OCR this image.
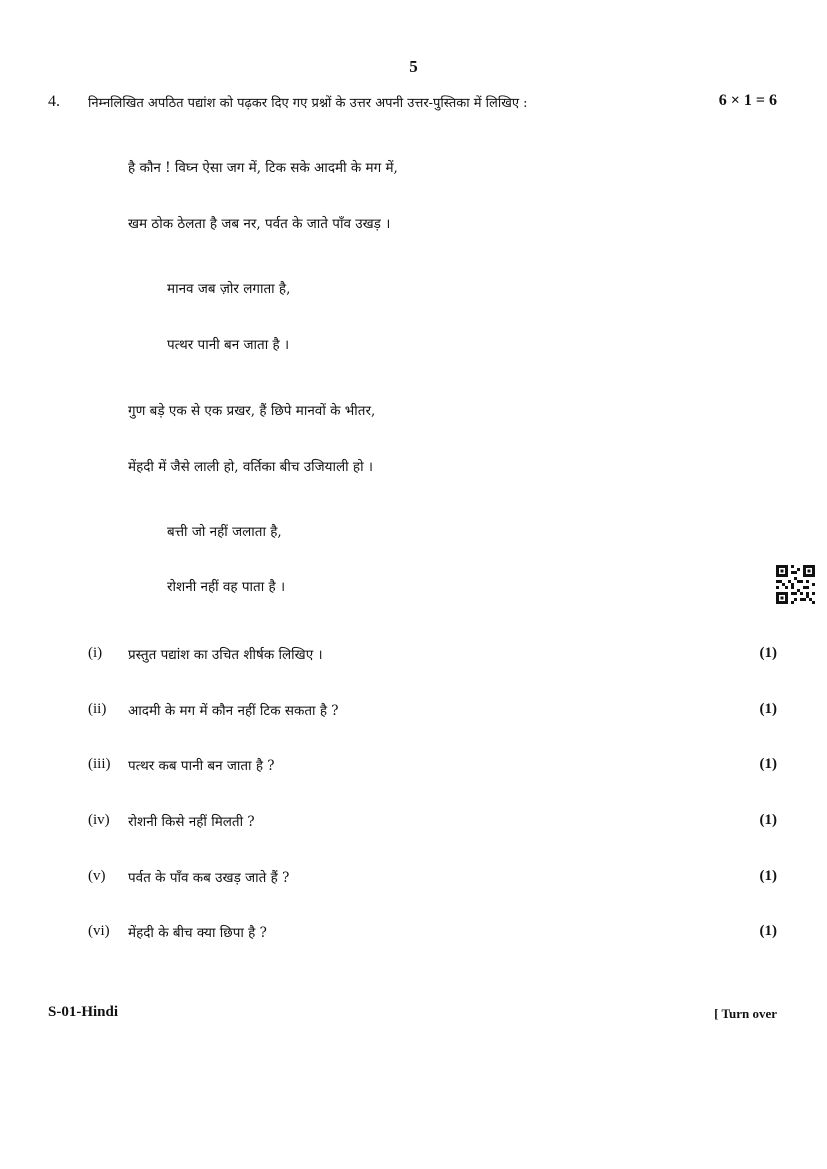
5
4. निम्नलिखित अपठित पद्यांश को पढ़कर दिए गए प्रश्नों के उत्तर अपनी उत्तर-पुस्तिका में लिखिए :	6 × 1 = 6
है कौन ! विघ्न ऐसा जग में, टिक सके आदमी के मग में,
खम ठोक ठेलता है जब नर, पर्वत के जाते पाँव उखड़ ।
मानव जब ज़ोर लगाता है,
पत्थर पानी बन जाता है ।
गुण बड़े एक से एक प्रखर, हैं छिपे मानवों के भीतर,
मेंहदी में जैसे लाली हो, वर्तिका बीच उजियाली हो ।
बत्ती जो नहीं जलाता है,
रोशनी नहीं वह पाता है ।
(i) प्रस्तुत पद्यांश का उचित शीर्षक लिखिए ।	(1)
(ii) आदमी के मग में कौन नहीं टिक सकता है ?	(1)
(iii) पत्थर कब पानी बन जाता है ?	(1)
(iv) रोशनी किसे नहीं मिलती ?	(1)
(v) पर्वत के पाँव कब उखड़ जाते हैं ?	(1)
(vi) मेंहदी के बीच क्या छिपा है ?	(1)
S-01-Hindi	[ Turn over
